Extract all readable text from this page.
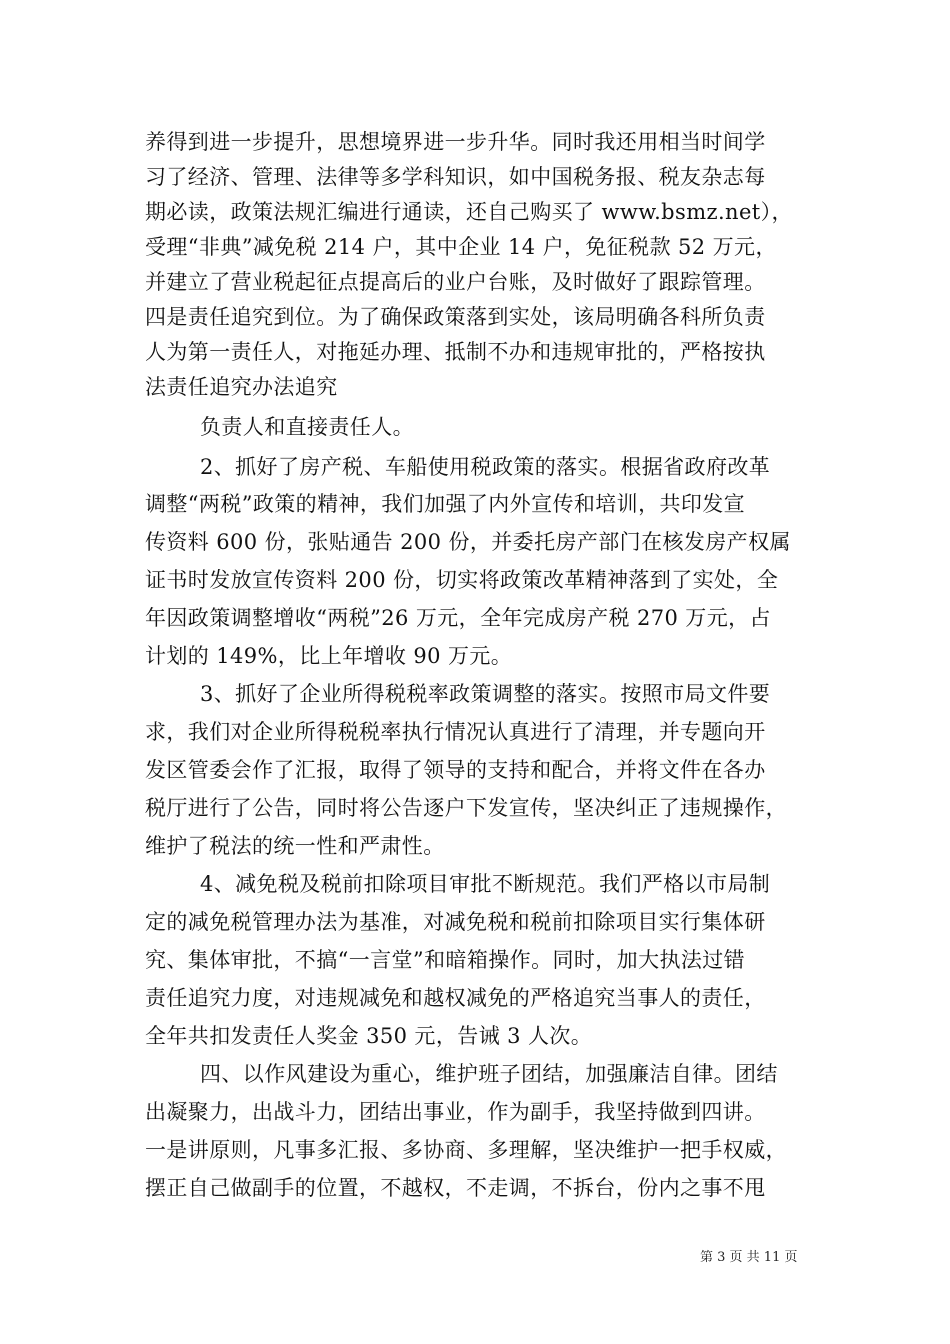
养得到进一步提升，思想境界进一步升华。同时我还用相当时间学
习了经济、管理、法律等多学科知识，如中国税务报、税友杂志每
期必读，政策法规汇编进行通读，还自己购买了 www.bsmz.net），
受理“非典”减免税 214 户，其中企业 14 户，免征税款 52 万元，
并建立了营业税起征点提高后的业户台账，及时做好了跟踪管理。
四是责任追究到位。为了确保政策落到实处，该局明确各科所负责
人为第一责任人，对拖延办理、抵制不办和违规审批的，严格按执
法责任追究办法追究
负责人和直接责任人。
2、抓好了房产税、车船使用税政策的落实。根据省政府改革
调整“两税”政策的精神，我们加强了内外宣传和培训，共印发宣
传资料 600 份，张贴通告 200 份，并委托房产部门在核发房产权属
证书时发放宣传资料 200 份，切实将政策改革精神落到了实处，全
年因政策调整增收“两税”26 万元，全年完成房产税 270 万元，占
计划的 149%，比上年增收 90 万元。
3、抓好了企业所得税税率政策调整的落实。按照市局文件要
求，我们对企业所得税税率执行情况认真进行了清理，并专题向开
发区管委会作了汇报，取得了领导的支持和配合，并将文件在各办
税厅进行了公告，同时将公告逐户下发宣传，坚决纠正了违规操作，
维护了税法的统一性和严肃性。
4、减免税及税前扣除项目审批不断规范。我们严格以市局制
定的减免税管理办法为基准，对减免税和税前扣除项目实行集体研
究、集体审批，不搞“一言堂”和暗箱操作。同时，加大执法过错
责任追究力度，对违规减免和越权减免的严格追究当事人的责任，
全年共扣发责任人奖金 350 元，告诫 3 人次。
四、以作风建设为重心，维护班子团结，加强廉洁自律。团结
出凝聚力，出战斗力，团结出事业，作为副手，我坚持做到四讲。
一是讲原则，凡事多汇报、多协商、多理解，坚决维护一把手权威，
摆正自己做副手的位置，不越权，不走调，不拆台，份内之事不甩
第 3 页 共 11 页
